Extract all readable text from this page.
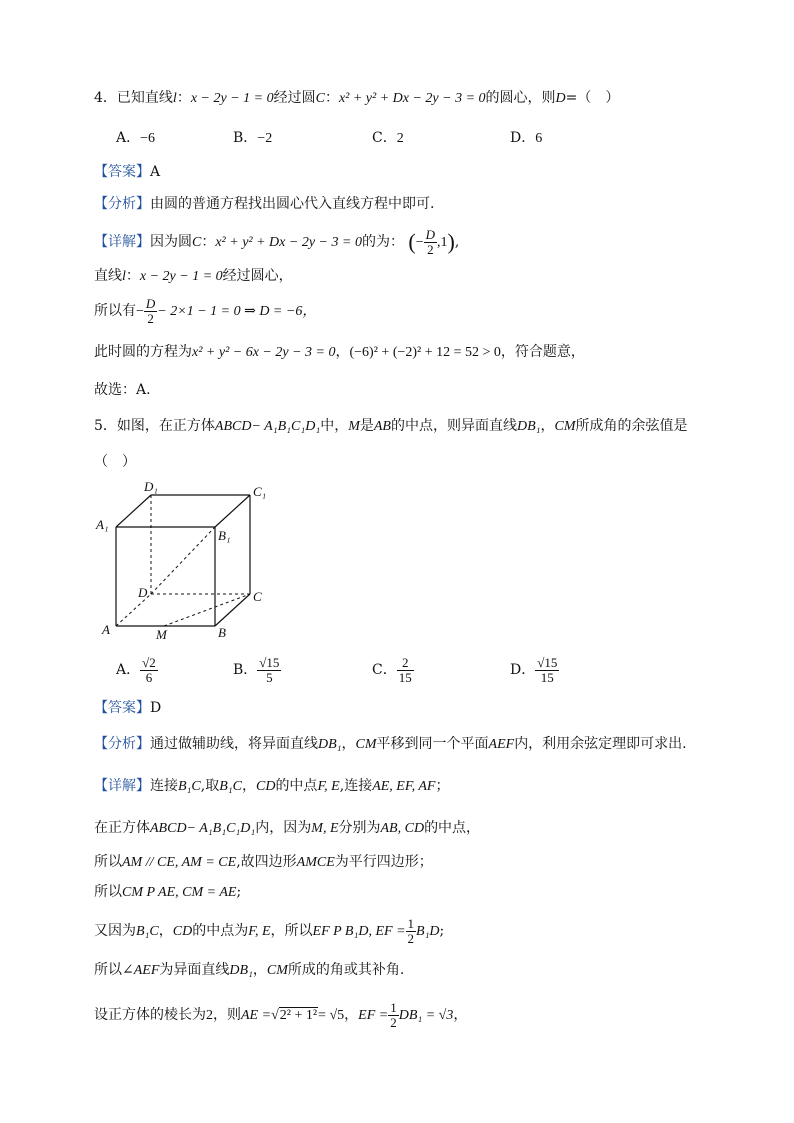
4．已知直线l：x − 2y − 1 = 0经过圆C：x² + y² + Dx − 2y − 3 = 0的圆心，则D=（　）
A．−6	B．−2	C．2	D．6
【答案】A
【分析】由圆的普通方程找出圆心代入直线方程中即可.
【详解】因为圆C：x² + y² + Dx − 2y − 3 = 0的为： (− $\frac{D}{2} ,1$),
直线l：x − 2y − 1 = 0经过圆心，
所以有− $\frac{D}{2} - 2\times 1 - 1 = 0$ ⇒ D = −6，
此时圆的方程为x² + y² − 6x − 2y − 3 = 0，(−6)² + (−2)² + 12 = 52 > 0，符合题意，
故选：A.
5．如图，在正方体ABCD− A₁B₁C₁D₁中，M是AB的中点，则异面直线DB₁，CM所成角的余弦值是
（　）
D₁	C₁
A₁
B₁
D	C
A	M	B
A． $\frac{√2}{6}$	B． $\frac{√15}{5}$	C． $\frac{2}{15}$	D． $\frac{√15}{15}$
【答案】D
【分析】通过做辅助线，将异面直线DB₁，CM平移到同一个平面AEF内，利用余弦定理即可求出.
【详解】连接B₁C,取B₁C，CD的中点F, E,连接AE, EF, AF；
在正方体ABCD− A₁B₁C₁D₁内，因为M, E分别为AB, CD的中点，
所以AM // CE, AM = CE,故四边形AMCE为平行四边形；
所以CM P AE, CM = AE;
又因为B₁C，CD的中点为F, E，所以EF P B₁D, EF = $\frac{1}{2} B_1D$;
所以∠AEF为异面直线DB₁，CM所成的角或其补角.
设正方体的棱长为2，则AE =√2² + 1²= √5，EF = $\frac{1}{2} DB_1 = √3$，
